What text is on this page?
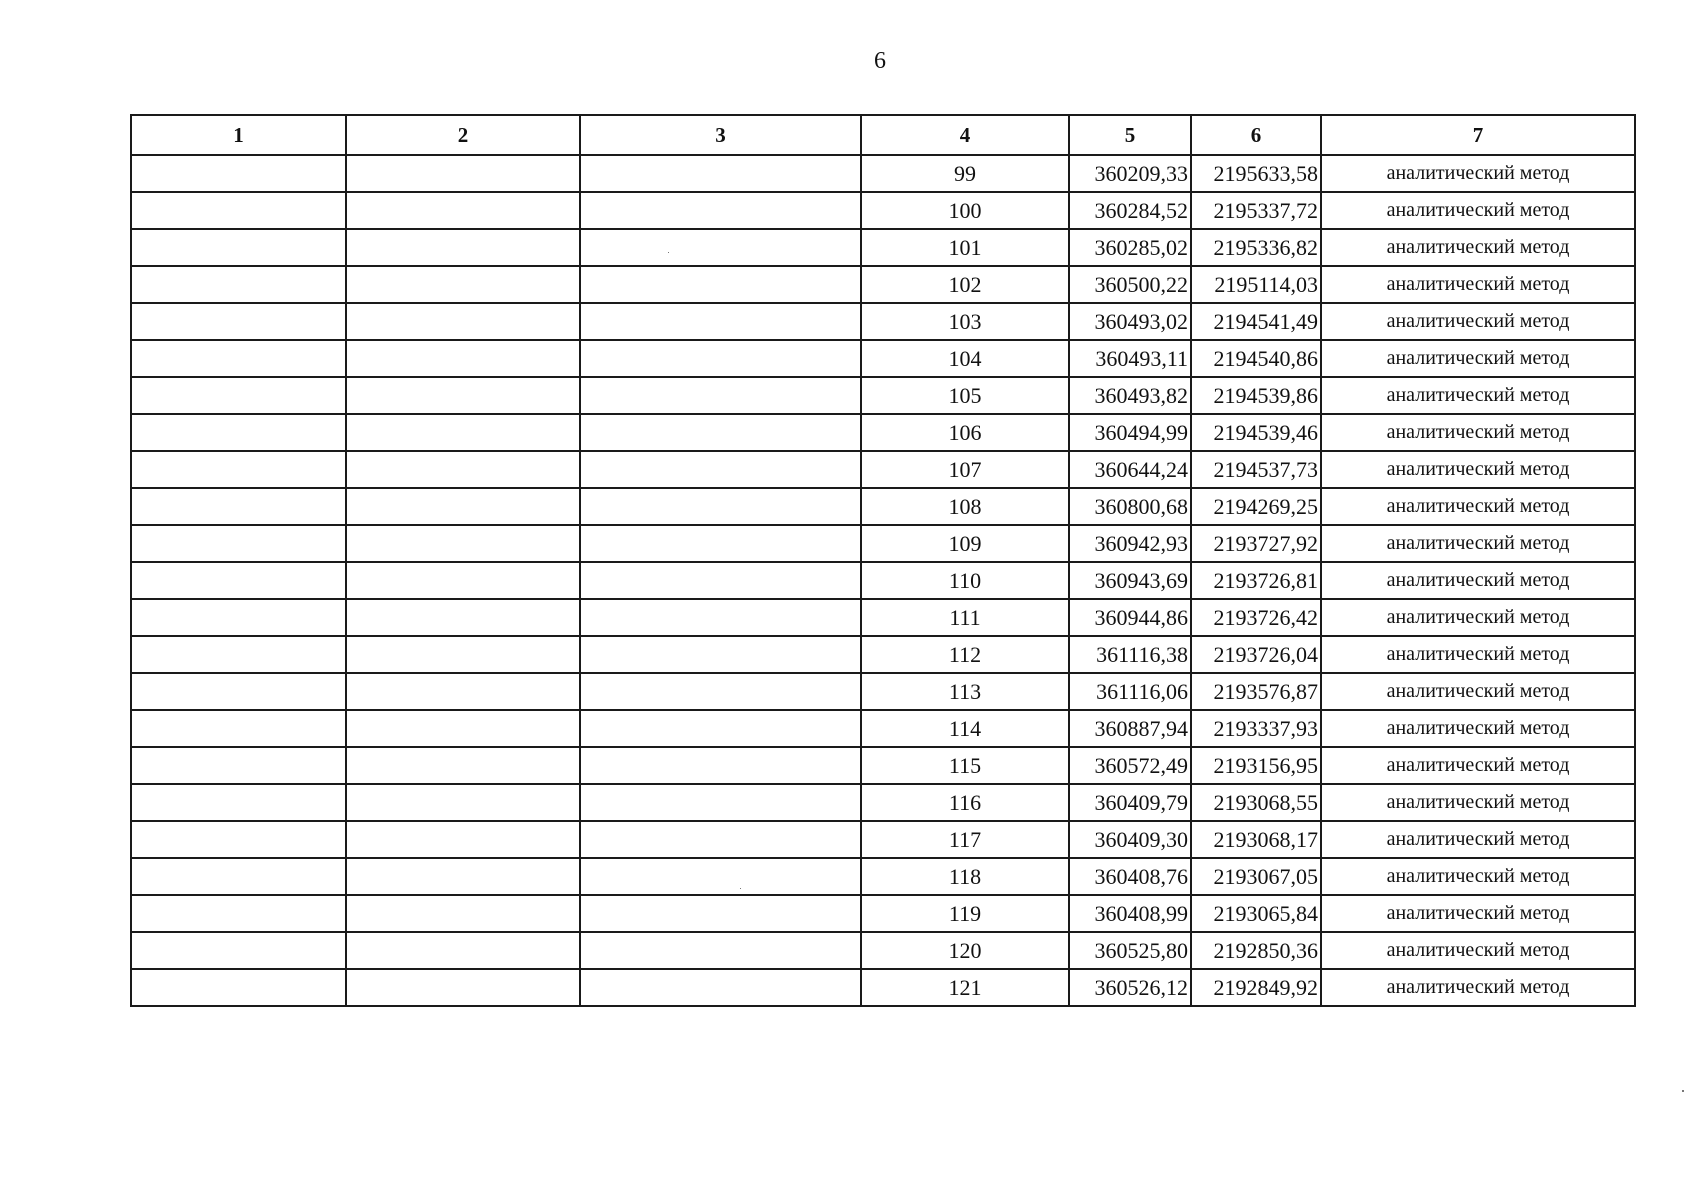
6
1	2	3	4	5	6	7
			99	360209,33	2195633,58	аналитический метод
			100	360284,52	2195337,72	аналитический метод
			101	360285,02	2195336,82	аналитический метод
			102	360500,22	2195114,03	аналитический метод
			103	360493,02	2194541,49	аналитический метод
			104	360493,11	2194540,86	аналитический метод
			105	360493,82	2194539,86	аналитический метод
			106	360494,99	2194539,46	аналитический метод
			107	360644,24	2194537,73	аналитический метод
			108	360800,68	2194269,25	аналитический метод
			109	360942,93	2193727,92	аналитический метод
			110	360943,69	2193726,81	аналитический метод
			111	360944,86	2193726,42	аналитический метод
			112	361116,38	2193726,04	аналитический метод
			113	361116,06	2193576,87	аналитический метод
			114	360887,94	2193337,93	аналитический метод
			115	360572,49	2193156,95	аналитический метод
			116	360409,79	2193068,55	аналитический метод
			117	360409,30	2193068,17	аналитический метод
			118	360408,76	2193067,05	аналитический метод
			119	360408,99	2193065,84	аналитический метод
			120	360525,80	2192850,36	аналитический метод
			121	360526,12	2192849,92	аналитический метод
